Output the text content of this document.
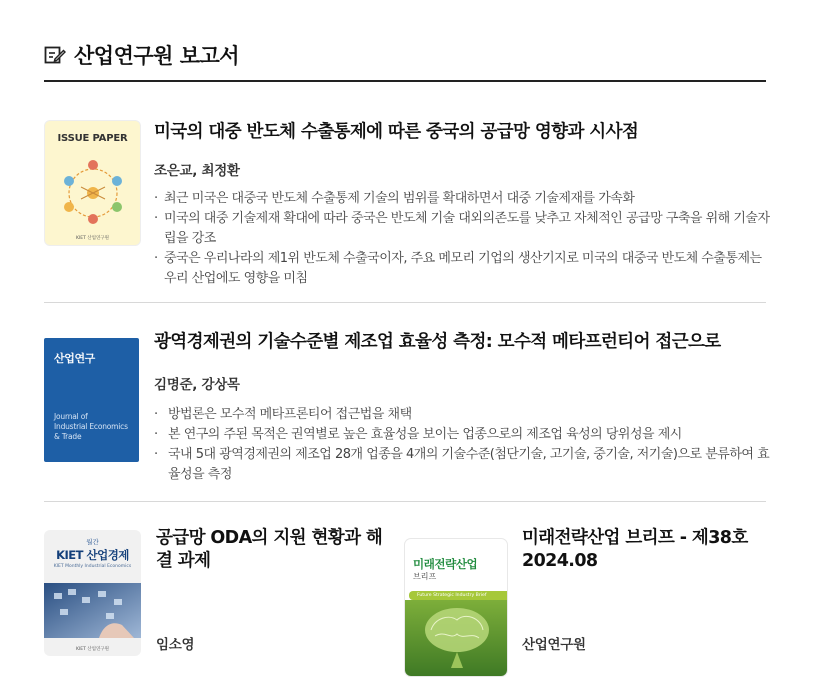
산업연구원 보고서
ISSUE PAPER
KIET 산업연구원
미국의 대중 반도체 수출통제에 따른 중국의 공급망 영향과 시사점
조은교, 최정환
· 최근 미국은 대중국 반도체 수출통제 기술의 범위를 확대하면서 대중 기술제재를 가속화
· 미국의 대중 기술제재 확대에 따라 중국은 반도체 기술 대외의존도를 낮추고 자체적인 공급망 구축을 위해 기술자립을 강조
· 중국은 우리나라의 제1위 반도체 수출국이자, 주요 메모리 기업의 생산기지로 미국의 대중국 반도체 수출통제는 우리 산업에도 영향을 미침
산업연구
Journal of
Industrial Economics
& Trade
광역경제권의 기술수준별 제조업 효율성 측정: 모수적 메타프런티어 접근으로
김명준, 강상목
· 방법론은 모수적 메타프론티어 접근법을 채택
· 본 연구의 주된 목적은 권역별로 높은 효율성을 보이는 업종으로의 제조업 육성의 당위성을 제시
· 국내 5대 광역경제권의 제조업 28개 업종을 4개의 기술수준(첨단기술, 고기술, 중기술, 저기술)으로 분류하여 효율성을 측정
월간
KIET 산업경제
KIET Monthly Industrial Economics
KIET 산업연구원
공급망 ODA의 지원 현황과 해결 과제
임소영
미래전략산업
브리프
Future Strategic Industry Brief
미래전략산업 브리프 - 제38호 2024.08
산업연구원
